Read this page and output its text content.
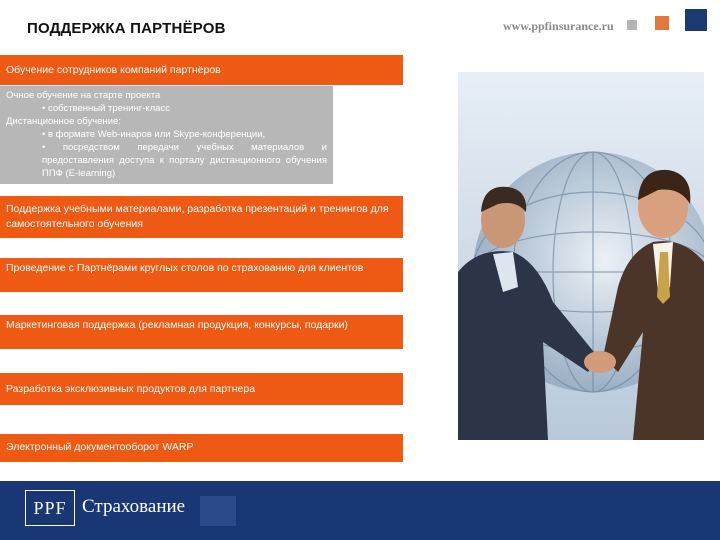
ПОДДЕРЖКА ПАРТНЁРОВ	www.ppfinsurance.ru
Обучение сотрудников компаний партнёров
Очное обучение на старте проекта
• собственный тренинг-класс
Дистанционное обучение:
• в формате Web-инаров или Skype-конференции,
• посредством передачи учебных материалов и предоставления доступа к порталу дистанционного обучения ППФ (E-learning)
Поддержка учебными материалами, разработка презентаций и тренингов для самостоятельного обучения
Проведение с Партнёрами круглых столов по страхованию для клиентов
Маркетинговая поддержка (рекламная продукция, конкурсы, подарки)
Разработка эксклюзивных продуктов для партнера
Электронный документооборот WARP
PPF Страхование
